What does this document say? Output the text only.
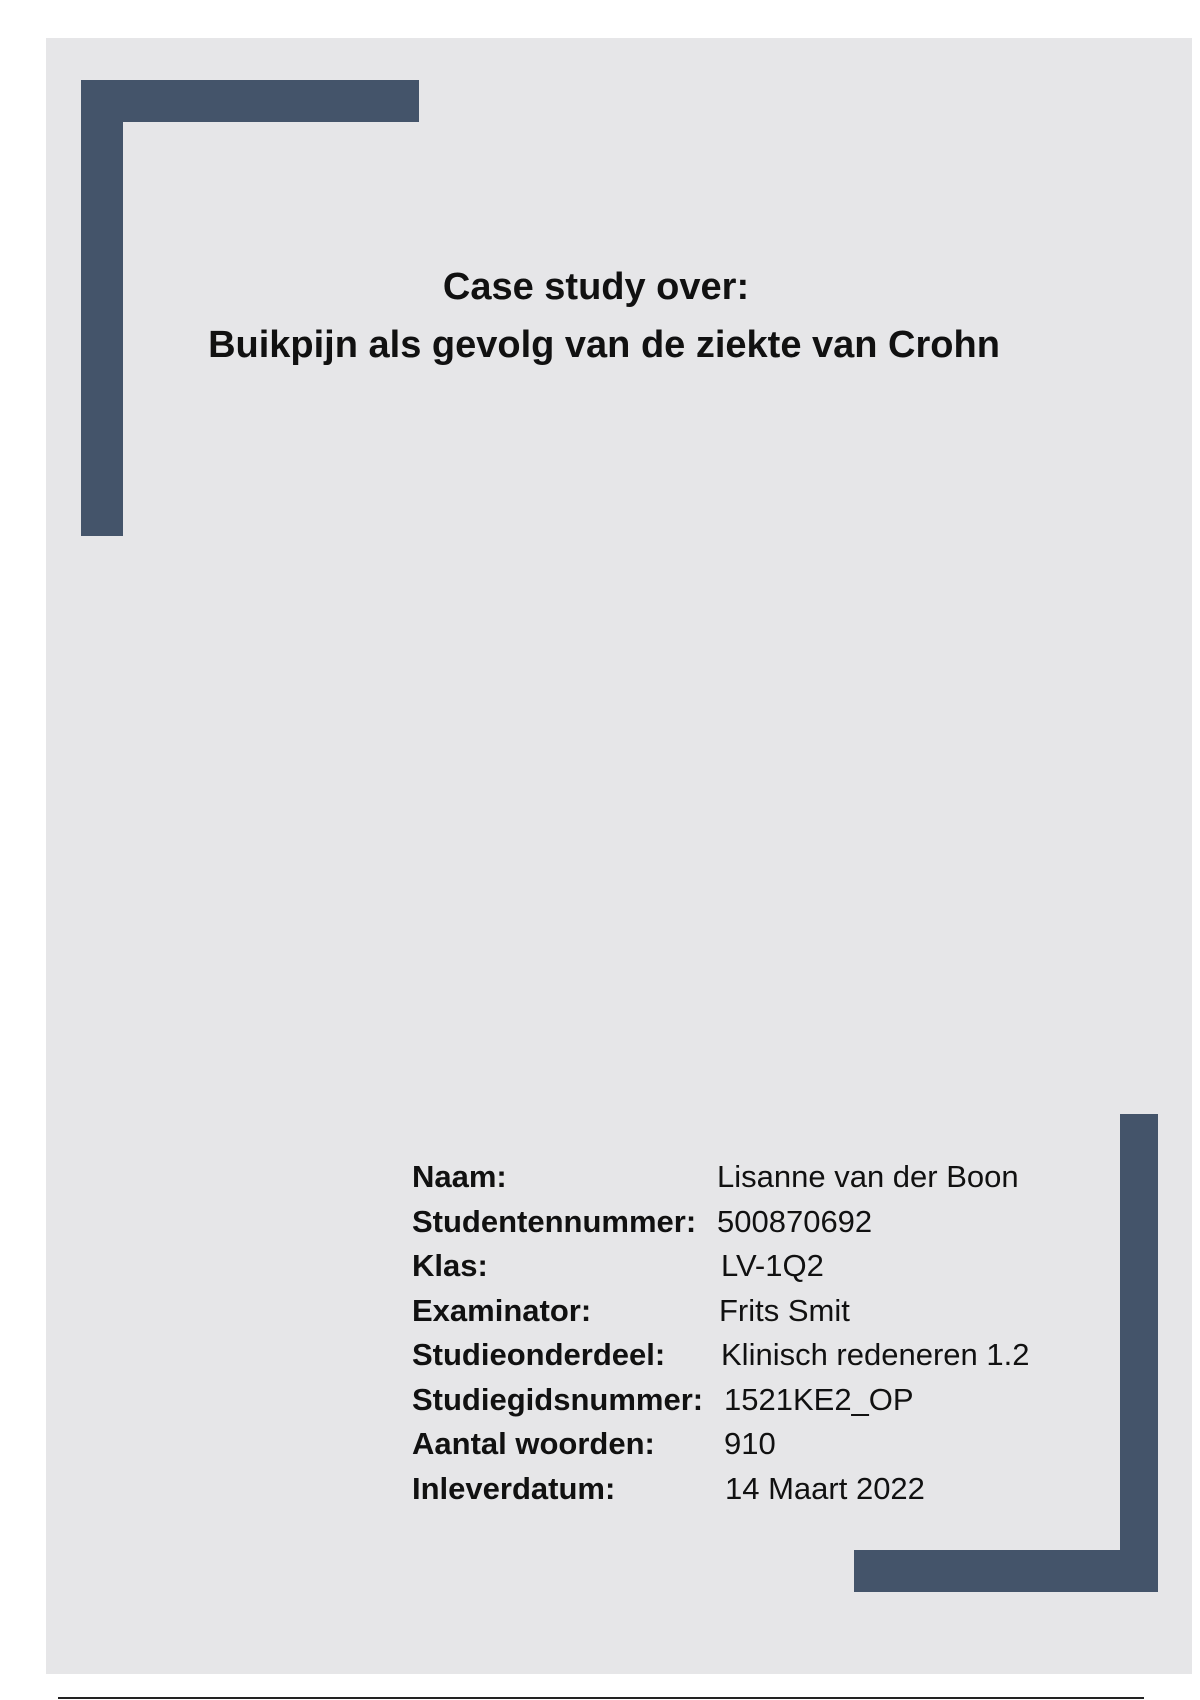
Case study over:
Buikpijn als gevolg van de ziekte van Crohn
Naam:	Lisanne van der Boon
Studentennummer: 500870692
Klas:	LV-1Q2
Examinator:	Frits Smit
Studieonderdeel: Klinisch redeneren 1.2
Studiegidsnummer: 1521KE2_OP
Aantal woorden: 910
Inleverdatum:	14 Maart 2022
